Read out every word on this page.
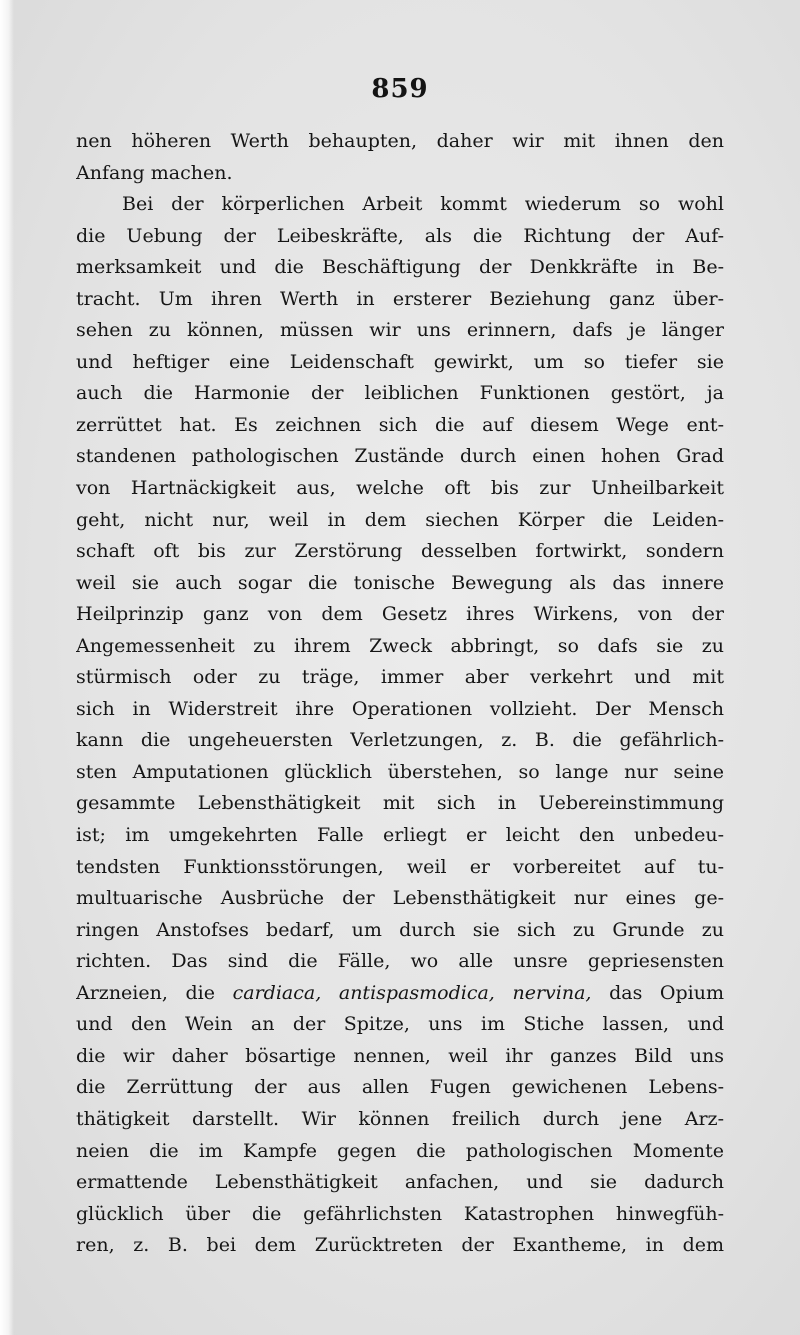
859
nen höheren Werth behaupten, daher wir mit ihnen den
Anfang machen.
Bei der körperlichen Arbeit kommt wiederum so wohl
die Uebung der Leibeskräfte, als die Richtung der Auf-
merksamkeit und die Beschäftigung der Denkkräfte in Be-
tracht. Um ihren Werth in ersterer Beziehung ganz über-
sehen zu können, müssen wir uns erinnern, dafs je länger
und heftiger eine Leidenschaft gewirkt, um so tiefer sie
auch die Harmonie der leiblichen Funktionen gestört, ja
zerrüttet hat. Es zeichnen sich die auf diesem Wege ent-
standenen pathologischen Zustände durch einen hohen Grad
von Hartnäckigkeit aus, welche oft bis zur Unheilbarkeit
geht, nicht nur, weil in dem siechen Körper die Leiden-
schaft oft bis zur Zerstörung desselben fortwirkt, sondern
weil sie auch sogar die tonische Bewegung als das innere
Heilprinzip ganz von dem Gesetz ihres Wirkens, von der
Angemessenheit zu ihrem Zweck abbringt, so dafs sie zu
stürmisch oder zu träge, immer aber verkehrt und mit
sich in Widerstreit ihre Operationen vollzieht. Der Mensch
kann die ungeheuersten Verletzungen, z. B. die gefährlich-
sten Amputationen glücklich überstehen, so lange nur seine
gesammte Lebensthätigkeit mit sich in Uebereinstimmung
ist; im umgekehrten Falle erliegt er leicht den unbedeu-
tendsten Funktionsstörungen, weil er vorbereitet auf tu-
multuarische Ausbrüche der Lebensthätigkeit nur eines ge-
ringen Anstofses bedarf, um durch sie sich zu Grunde zu
richten. Das sind die Fälle, wo alle unsre gepriesensten
Arzneien, die cardiaca, antispasmodica, nervina, das Opium
und den Wein an der Spitze, uns im Stiche lassen, und
die wir daher bösartige nennen, weil ihr ganzes Bild uns
die Zerrüttung der aus allen Fugen gewichenen Lebens-
thätigkeit darstellt. Wir können freilich durch jene Arz-
neien die im Kampfe gegen die pathologischen Momente
ermattende Lebensthätigkeit anfachen, und sie dadurch
glücklich über die gefährlichsten Katastrophen hinwegfüh-
ren, z. B. bei dem Zurücktreten der Exantheme, in dem
